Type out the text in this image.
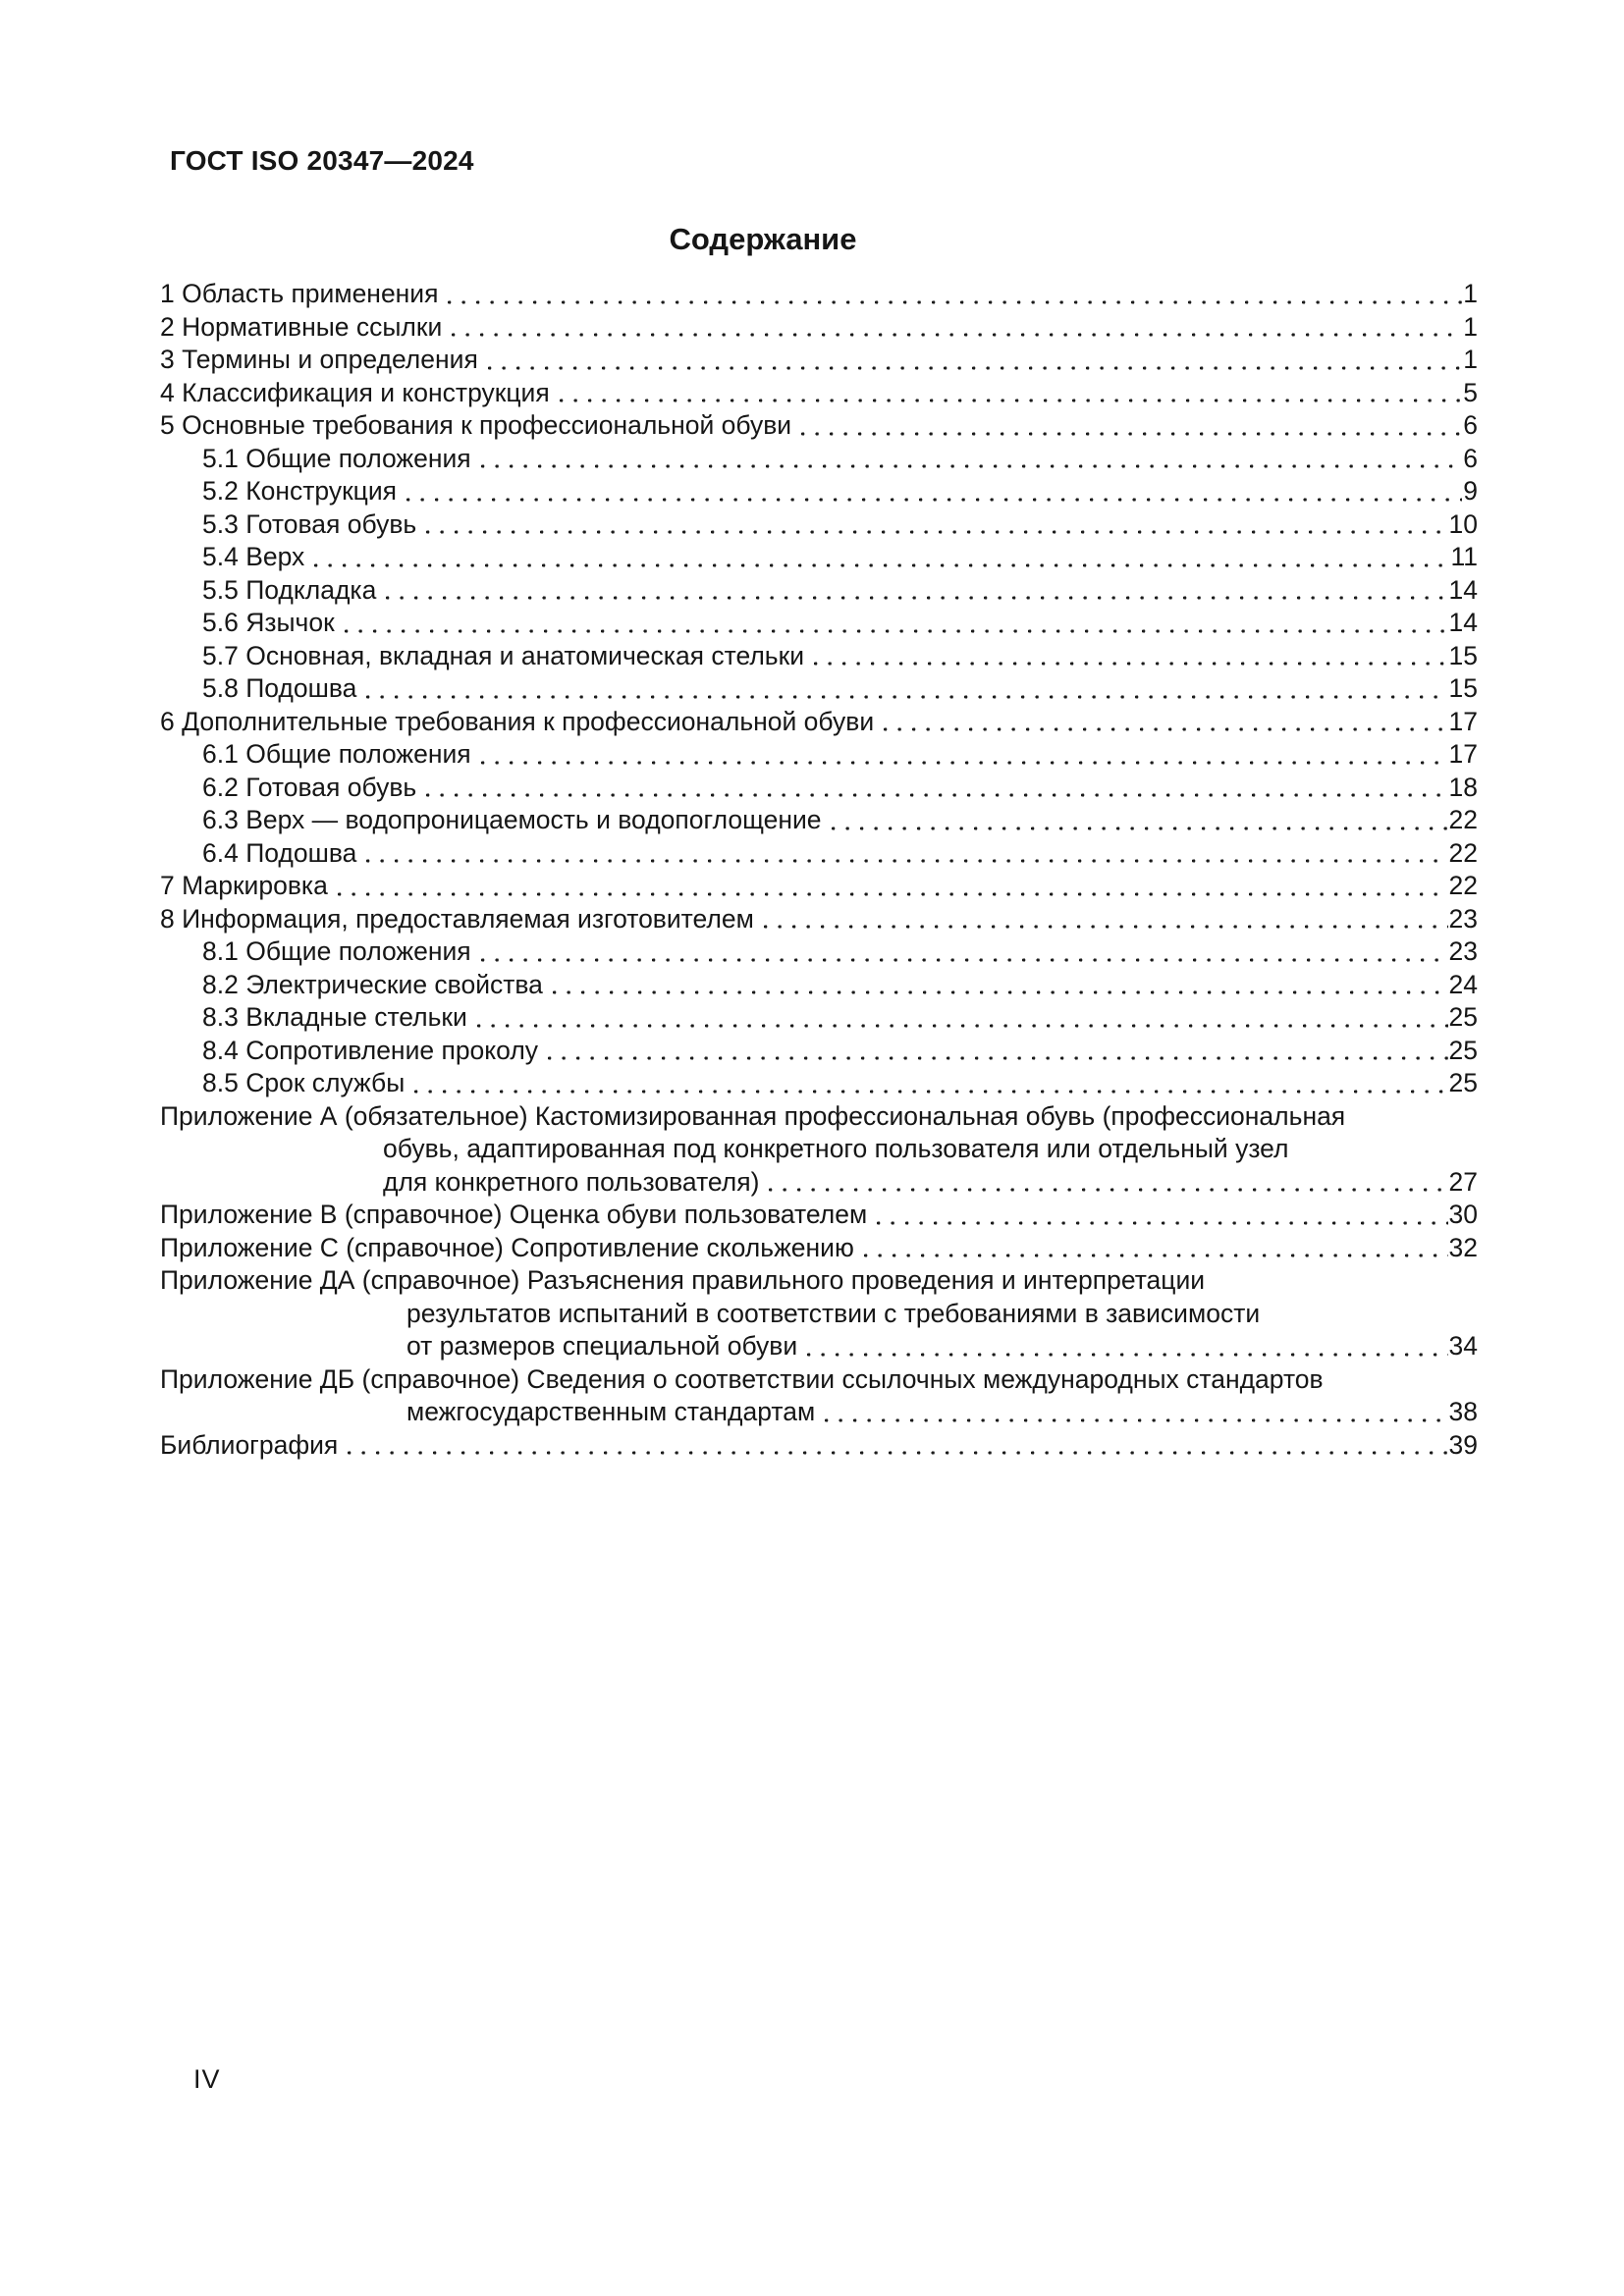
ГОСТ ISO 20347—2024
Содержание
1 Область применения	1
2 Нормативные ссылки	1
3 Термины и определения	1
4 Классификация и конструкция	5
5 Основные требования к профессиональной обуви	6
5.1 Общие положения	6
5.2 Конструкция	9
5.3 Готовая обувь	10
5.4 Верх	11
5.5 Подкладка	14
5.6 Язычок	14
5.7 Основная, вкладная и анатомическая стельки	15
5.8 Подошва	15
6 Дополнительные требования к профессиональной обуви	17
6.1 Общие положения	17
6.2 Готовая обувь	18
6.3 Верх — водопроницаемость и водопоглощение	22
6.4 Подошва	22
7 Маркировка	22
8 Информация, предоставляемая изготовителем	23
8.1 Общие положения	23
8.2 Электрические свойства	24
8.3 Вкладные стельки	25
8.4 Сопротивление проколу	25
8.5 Срок службы	25
Приложение А (обязательное) Кастомизированная профессиональная обувь (профессиональная
обувь, адаптированная под конкретного пользователя или отдельный узел
для конкретного пользователя)	27
Приложение В (справочное) Оценка обуви пользователем	30
Приложение С (справочное) Сопротивление скольжению	32
Приложение ДА (справочное) Разъяснения правильного проведения и интерпретации
результатов испытаний в соответствии с требованиями в зависимости
от размеров специальной обуви	34
Приложение ДБ (справочное) Сведения о соответствии ссылочных международных стандартов
межгосударственным стандартам	38
Библиография	39
IV
